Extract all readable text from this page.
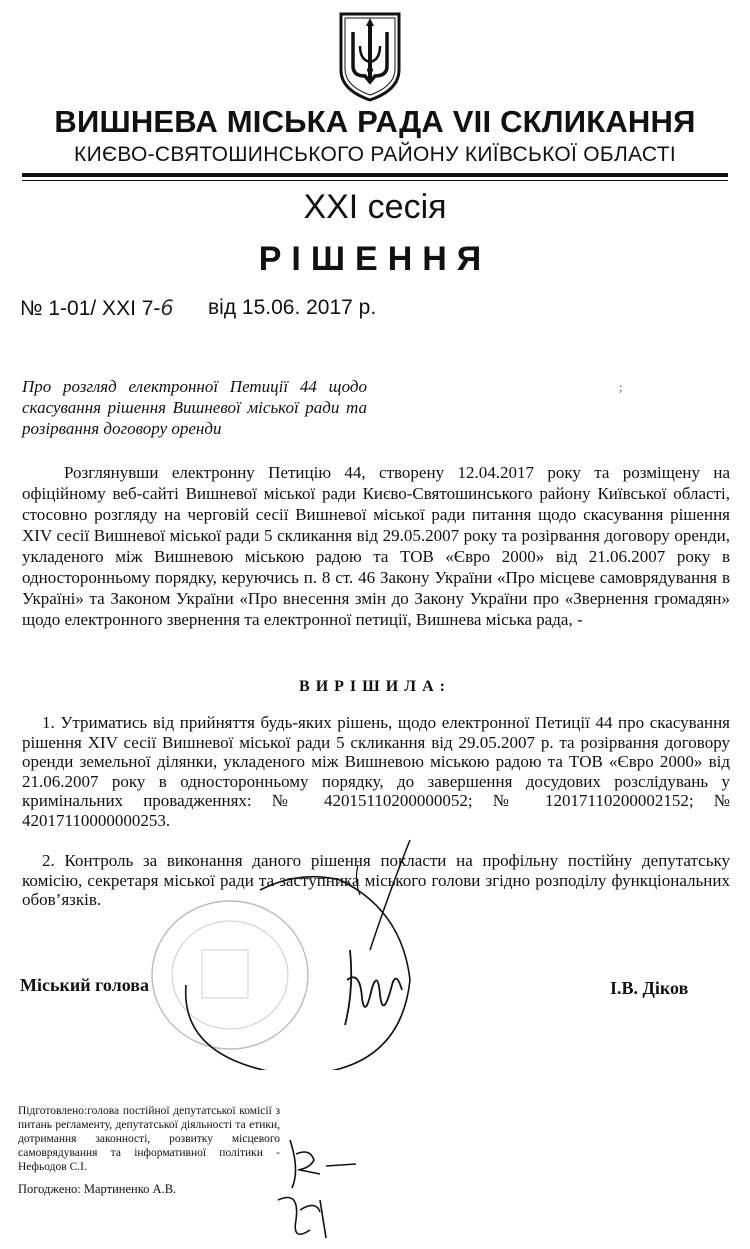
ВИШНЕВА МІСЬКА РАДА VII СКЛИКАННЯ
КИЄВО-СВЯТОШИНСЬКОГО РАЙОНУ КИЇВСЬКОЇ ОБЛАСТІ
XXI сесія
РІШЕННЯ
№ 1-01/ XXI 7-6 від 15.06. 2017 р.
Про розгляд електронної Петиції 44 щодо скасування рішення Вишневої міської ради та розірвання договору оренди
;
Розглянувши електронну Петицію 44, створену 12.04.2017 року та розміщену на офіційному веб-сайті Вишневої міської ради Києво-Святошинського району Київської області, стосовно розгляду на черговій сесії Вишневої міської ради питання щодо скасування рішення XIV сесії Вишневої міської ради 5 скликання від 29.05.2007 року та розірвання договору оренди, укладеного між Вишневою міською радою та ТОВ «Євро 2000» від 21.06.2007 року в односторонньому порядку, керуючись п. 8 ст. 46 Закону України «Про місцеве самоврядування в Україні» та Законом України «Про внесення змін до Закону України про «Звернення громадян» щодо електронного звернення та електронної петиції, Вишнева міська рада, -
ВИРІШИЛА:
1. Утриматись від прийняття будь-яких рішень, щодо електронної Петиції 44 про скасування рішення XIV сесії Вишневої міської ради 5 скликання від 29.05.2007 р. та розірвання договору оренди земельної ділянки, укладеного між Вишневою міською радою та ТОВ «Євро 2000» від 21.06.2007 року в односторонньому порядку, до завершення досудових розслідувань у кримінальних провадженнях: № 42015110200000052; № 12017110200002152; № 42017110000000253.
2. Контроль за виконання даного рішення покласти на профільну постійну депутатську комісію, секретаря міської ради та заступника міського голови згідно розподілу функціональних обов’язків.
Міський голова	І.В. Діков
Підготовлено:голова постійної депутатської комісії з питань регламенту, депутатської діяльності та етики, дотримання законності, розвитку місцевого самоврядування та інформативної політики - Нефьодов С.І.
Погоджено: Мартиненко А.В.
